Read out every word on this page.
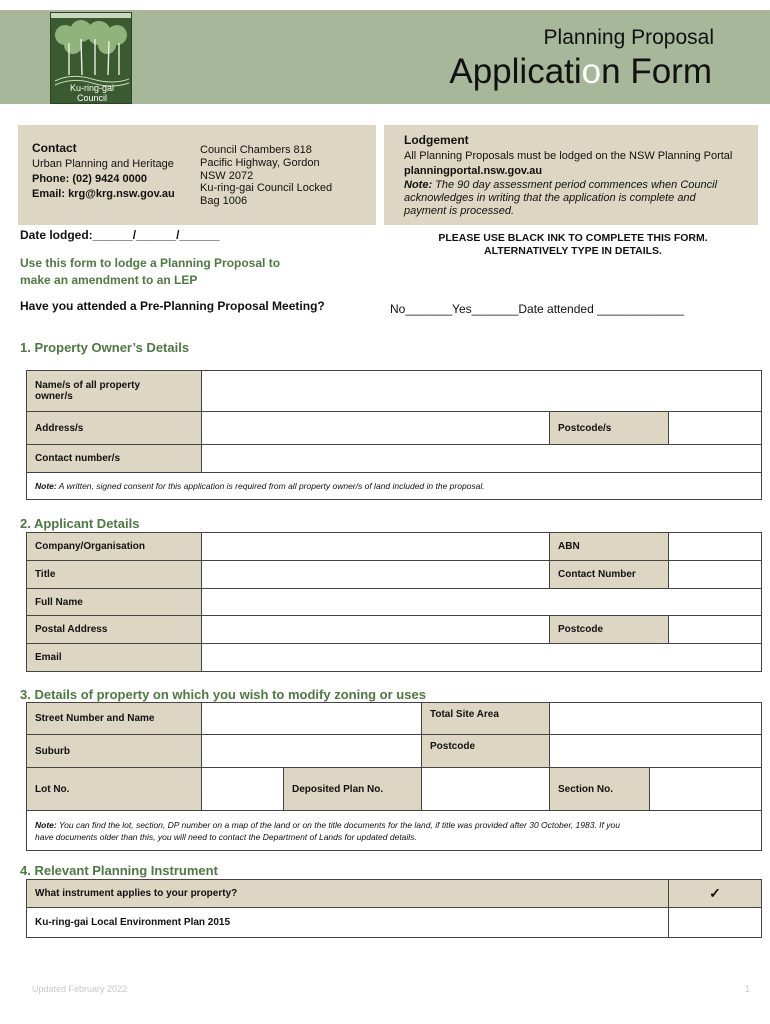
Ku-ring-gai
Council
Planning Proposal
Application Form
Contact
Urban Planning and Heritage
Phone: (02) 9424 0000
Email: krg@krg.nsw.gov.au
Council Chambers 818
Pacific Highway, Gordon
NSW 2072
Ku-ring-gai Council Locked
Bag 1006
Lodgement
All Planning Proposals must be lodged on the NSW Planning Portal
planningportal.nsw.gov.au
Note: The 90 day assessment period commences when Council
acknowledges in writing that the application is complete and
payment is processed.
Date lodged:______/______/______	PLEASE USE BLACK INK TO COMPLETE THIS FORM.
ALTERNATIVELY TYPE IN DETAILS.
Use this form to lodge a Planning Proposal to
make an amendment to an LEP
Have you attended a Pre-Planning Proposal Meeting?	No_______Yes_______Date attended _____________
1. Property Owner’s Details
Name/s of all property
owner/s			

Address/s		Postcode/s	
Contact number/s			
Note: A written, signed consent for this application is required from all property owner/s of land included in the proposal.			
2. Applicant Details
Company/Organisation		ABN	
Title		Contact Number	
Full Name			
Postal Address		Postcode	
Email			
3. Details of property on which you wish to modify zoning or uses
Street Number and Name			Total Site Area	
Suburb			Postcode	
Lot No.		Deposited Plan No.		Section No.

Note: You can find the lot, section, DP number on a map of the land or on the title documents for the land, if title was provided after 30 October, 1983. If you
have documents older than this, you will need to contact the Department of Lands for updated details.				
4. Relevant Planning Instrument
What instrument applies to your property?	✓
Ku-ring-gai Local Environment Plan 2015	
Updated February 2022	1
